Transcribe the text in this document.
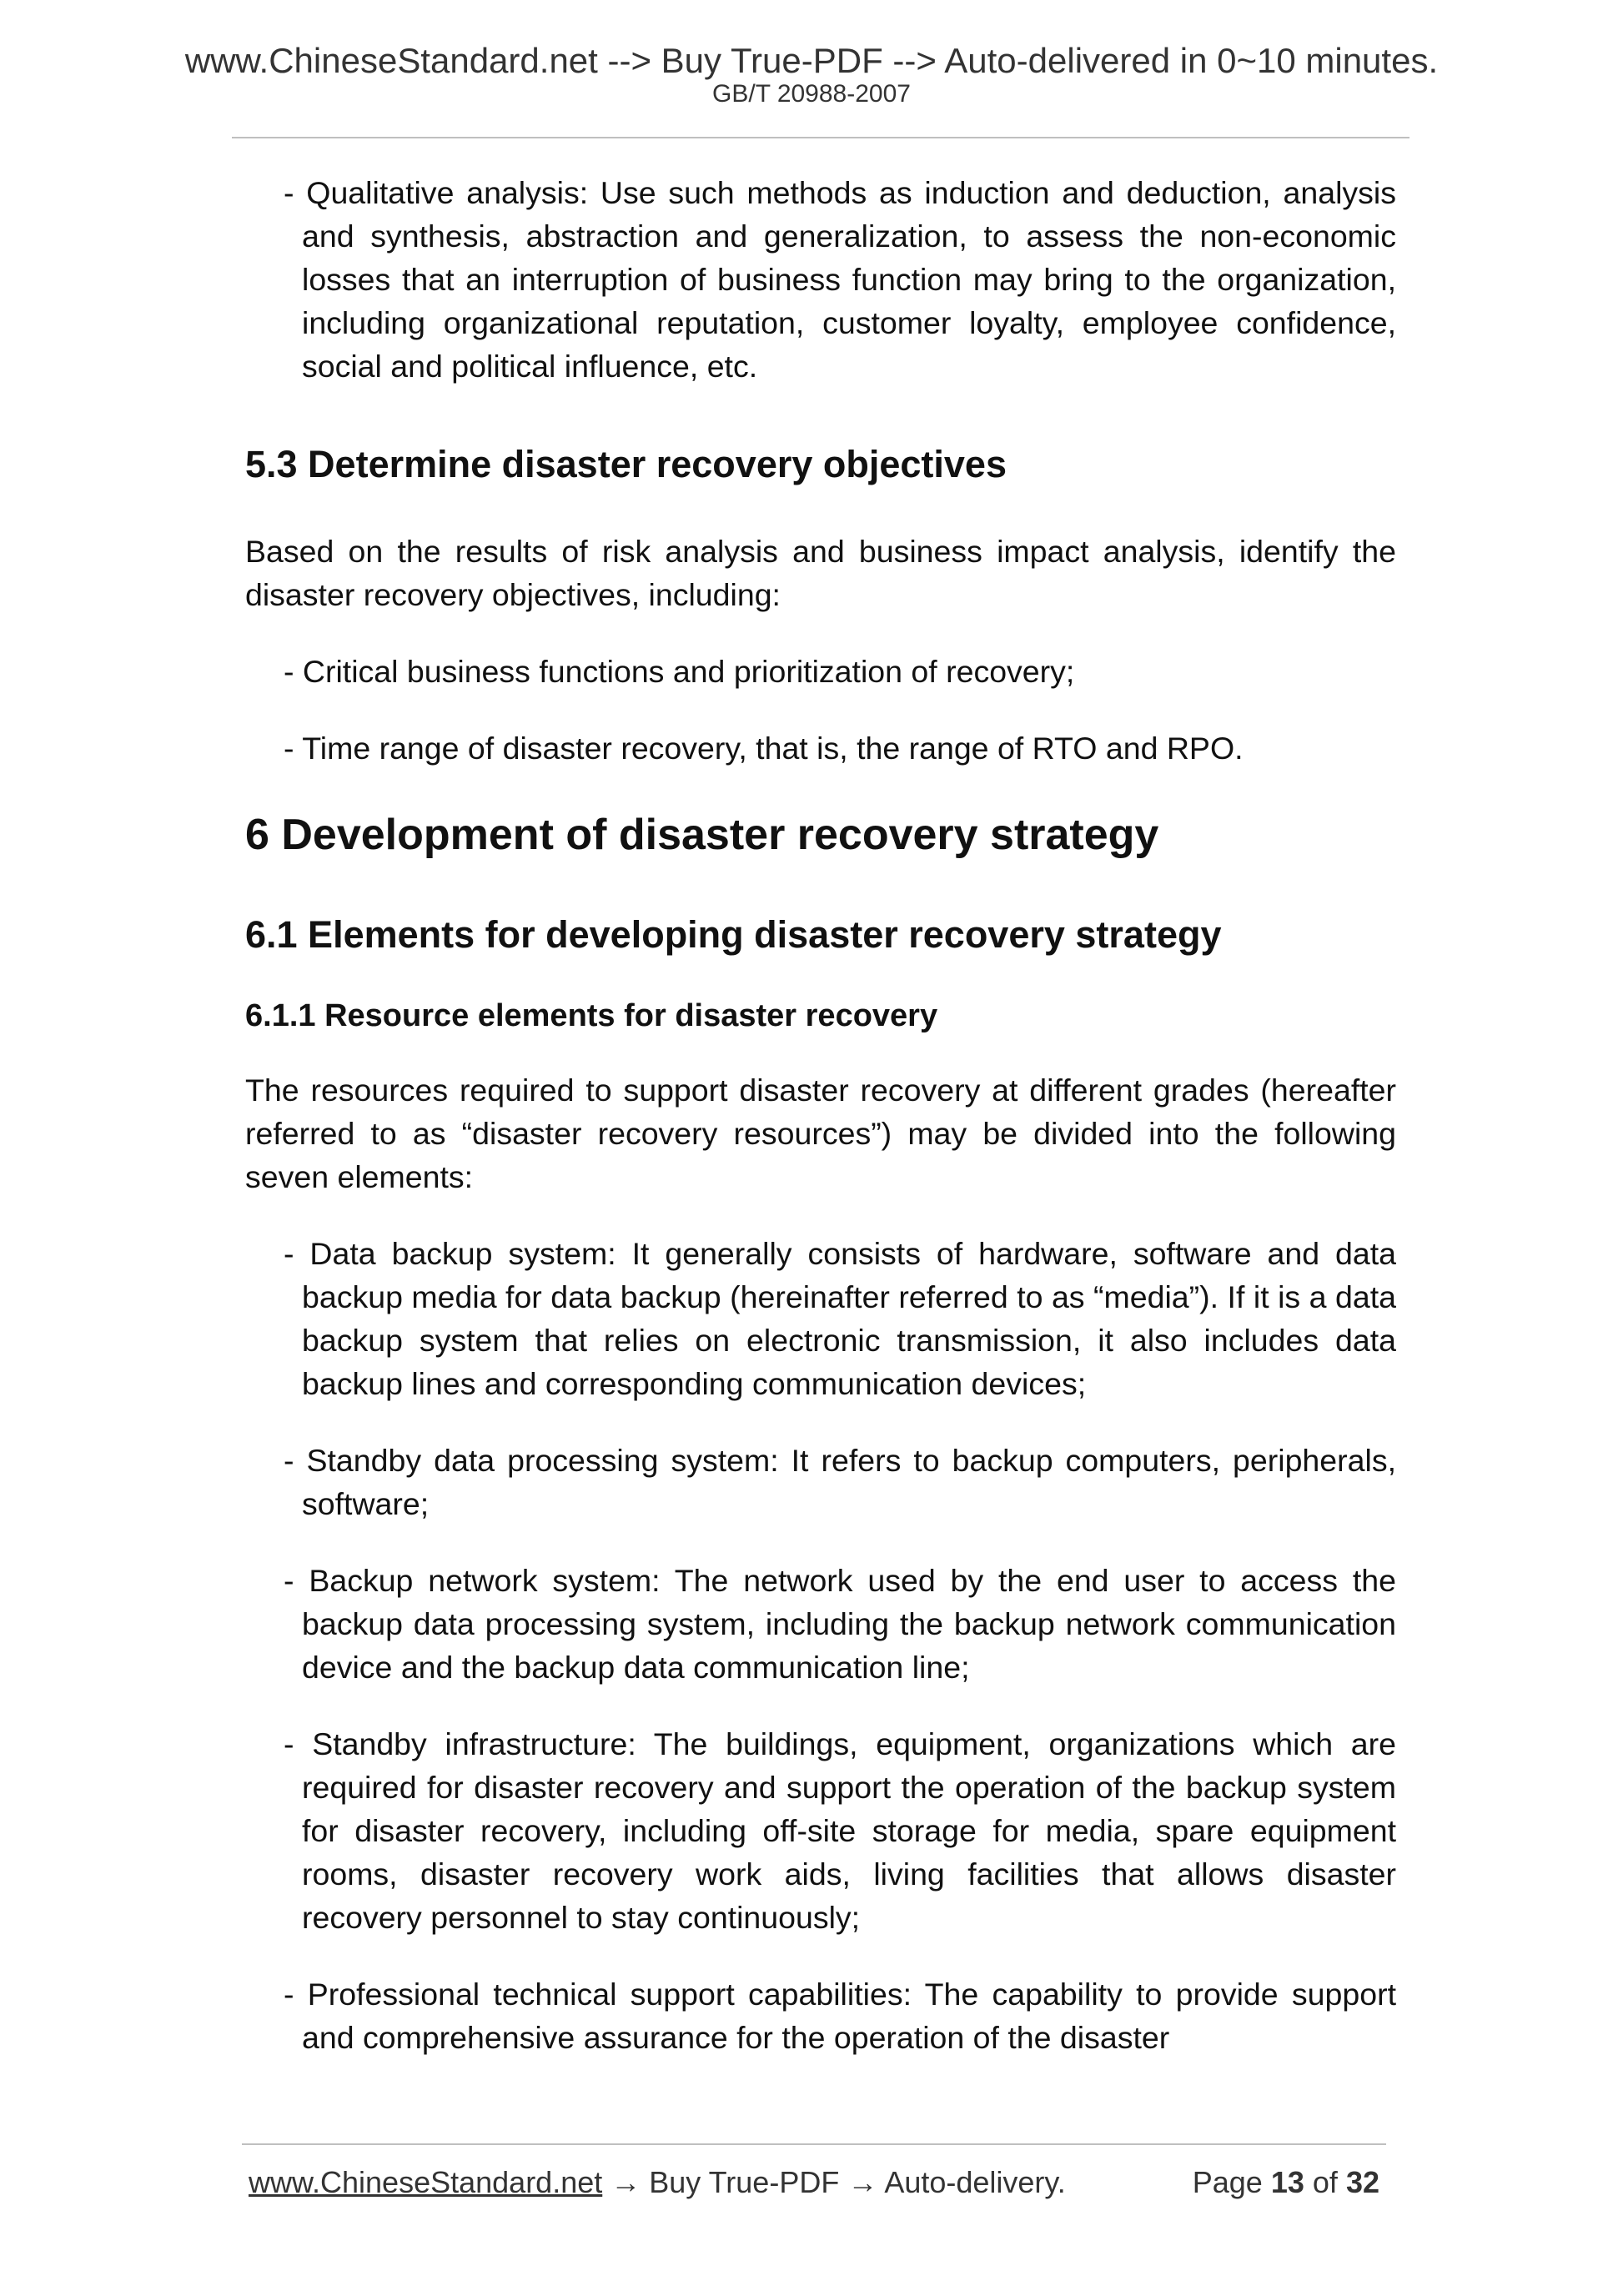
www.ChineseStandard.net --> Buy True-PDF --> Auto-delivered in 0~10 minutes.
GB/T 20988-2007

- Qualitative analysis: Use such methods as induction and deduction, analysis and synthesis, abstraction and generalization, to assess the non-economic losses that an interruption of business function may bring to the organization, including organizational reputation, customer loyalty, employee confidence, social and political influence, etc.

5.3 Determine disaster recovery objectives

Based on the results of risk analysis and business impact analysis, identify the disaster recovery objectives, including:

- Critical business functions and prioritization of recovery;

- Time range of disaster recovery, that is, the range of RTO and RPO.

6 Development of disaster recovery strategy
6.1 Elements for developing disaster recovery strategy
6.1.1 Resource elements for disaster recovery

The resources required to support disaster recovery at different grades (hereafter referred to as “disaster recovery resources”) may be divided into the following seven elements:

- Data backup system: It generally consists of hardware, software and data backup media for data backup (hereinafter referred to as “media”). If it is a data backup system that relies on electronic transmission, it also includes data backup lines and corresponding communication devices;

- Standby data processing system: It refers to backup computers, peripherals, software;

- Backup network system: The network used by the end user to access the backup data processing system, including the backup network communication device and the backup data communication line;

- Standby infrastructure: The buildings, equipment, organizations which are required for disaster recovery and support the operation of the backup system for disaster recovery, including off-site storage for media, spare equipment rooms, disaster recovery work aids, living facilities that allows disaster recovery personnel to stay continuously;

- Professional technical support capabilities: The capability to provide support and comprehensive assurance for the operation of the disaster

www.ChineseStandard.net → Buy True-PDF → Auto-delivery.	Page 13 of 32
